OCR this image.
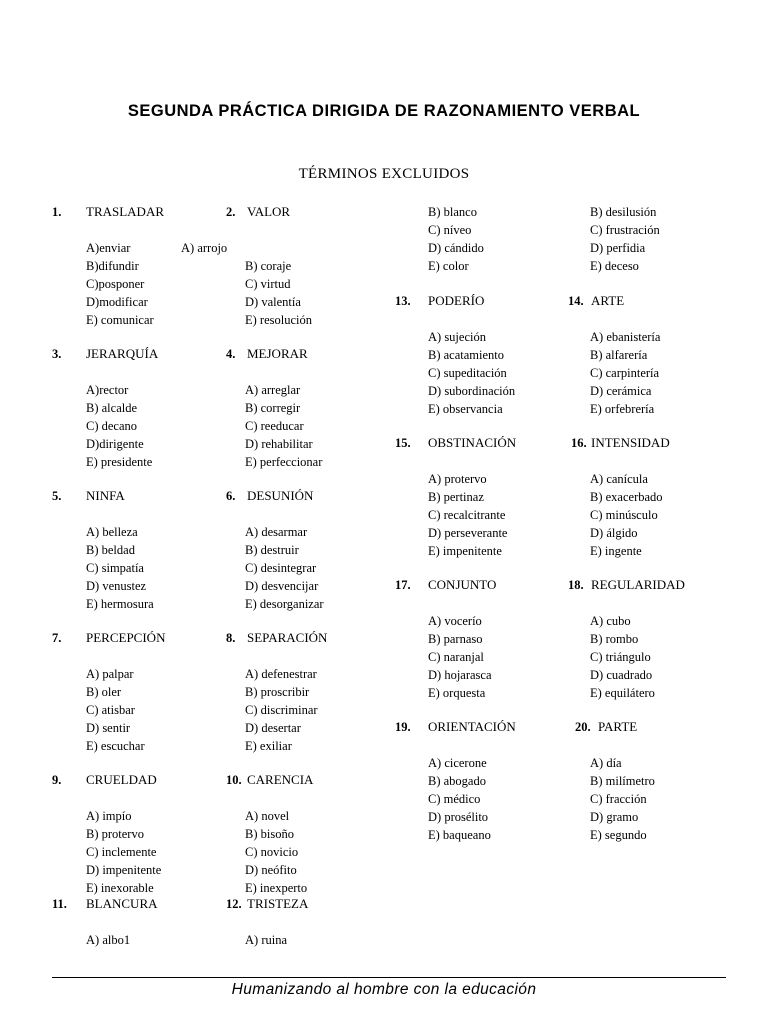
SEGUNDA PRÁCTICA DIRIGIDA DE RAZONAMIENTO VERBAL
TÉRMINOS EXCLUIDOS
1. TRASLADAR
A)enviar
B)difundir
C)posponer
D)modificar
E) comunicar
2. VALOR
A) arrojo
B) coraje
C) virtud
D) valentía
E) resolución
3. JERARQUÍA
A)rector
B) alcalde
C) decano
D)dirigente
E) presidente
4. MEJORAR
A) arreglar
B) corregir
C) reeducar
D) rehabilitar
E) perfeccionar
5. NINFA
A) belleza
B) beldad
C) simpatía
D) venustez
E) hermosura
6. DESUNIÓN
A) desarmar
B) destruir
C) desintegrar
D) desvencijar
E) desorganizar
7. PERCEPCIÓN
A) palpar
B) oler
C) atisbar
D) sentir
E) escuchar
8. SEPARACIÓN
A) defenestrar
B) proscribir
C) discriminar
D) desertar
E) exiliar
9. CRUELDAD
A) impío
B) protervo
C) inclemente
D) impenitente
E) inexorable
10. CARENCIA
A) novel
B) bisoño
C) novicio
D) neófito
E) inexperto
11. BLANCURA
A) albo1
12. TRISTEZA
A) ruina
B) blanco
C) níveo
D) cándido
E) color
B) desilusión
C) frustración
D) perfidia
E) deceso
13. PODERÍO
A) sujeción
B) acatamiento
C) supeditación
D) subordinación
E) observancia
14. ARTE
A) ebanistería
B) alfarería
C) carpintería
D) cerámica
E) orfebrería
15. OBSTINACIÓN
A) protervo
B) pertinaz
C) recalcitrante
D) perseverante
E) impenitente
16. INTENSIDAD
A) canícula
B) exacerbado
C) minúsculo
D) álgido
E) ingente
17. CONJUNTO
A) vocerío
B) parnaso
C) naranjal
D) hojarasca
E) orquesta
18. REGULARIDAD
A) cubo
B) rombo
C) triángulo
D) cuadrado
E) equilátero
19. ORIENTACIÓN
A) cicerone
B) abogado
C) médico
D) prosélito
E) baqueano
20. PARTE
A) día
B) milímetro
C) fracción
D) gramo
E) segundo
Humanizando al hombre con la educación
